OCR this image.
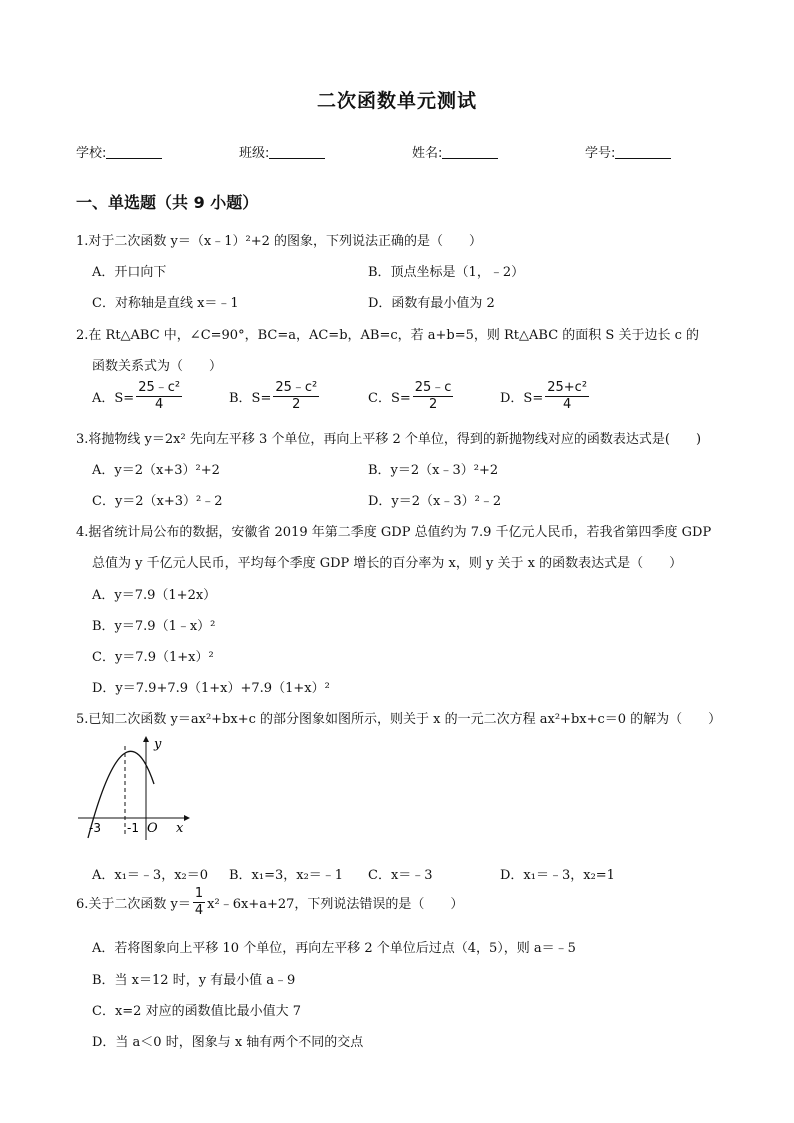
二次函数单元测试
学校:	班级:	姓名:	学号:
一、单选题（共 9 小题）
1.对于二次函数 y＝（x﹣1）²+2 的图象，下列说法正确的是（　　）
A．开口向下	B．顶点坐标是（1，﹣2）
C．对称轴是直线 x＝﹣1	D．函数有最小值为 2
2.在 Rt△ABC 中，∠C=90°，BC=a，AC=b，AB=c，若 a+b=5，则 Rt△ABC 的面积 S 关于边长 c 的
函数关系式为（　　）
A．$S= \frac{\text{25﹣c²}}{4}$	B．$S= \frac{\text{25﹣c²}}{2}$	C．$S= \frac{25﹣c}{2}$	D．$S= \frac{\text{25+c²}}{4}$
3.将抛物线 y＝2x² 先向左平移 3 个单位，再向上平移 2 个单位，得到的新抛物线对应的函数表达式是(　　)
A．y＝2（x+3）²+2	B．y＝2（x﹣3）²+2
C．y＝2（x+3）²﹣2	D．y＝2（x﹣3）²﹣2
4.据省统计局公布的数据，安徽省 2019 年第二季度 GDP 总值约为 7.9 千亿元人民币，若我省第四季度 GDP
总值为 y 千亿元人民币，平均每个季度 GDP 增长的百分率为 x，则 y 关于 x 的函数表达式是（　　）
A．y＝7.9（1+2x）
B．y＝7.9（1﹣x）²
C．y＝7.9（1+x）²
D．y＝7.9+7.9（1+x）+7.9（1+x）²
5.已知二次函数 y＝ax²+bx+c 的部分图象如图所示，则关于 x 的一元二次方程 ax²+bx+c＝0 的解为（　　）
y
x
O
-3 -1
A．x₁＝﹣3，x₂＝0 B．x₁=3，x₂＝﹣1 C．x＝﹣3	D．x₁＝﹣3，x₂=1
6.关于二次函数 $y= \frac{1}{4}$ x²﹣6x+a+27，下列说法错误的是（　　）
A．若将图象向上平移 10 个单位，再向左平移 2 个单位后过点（4，5），则 a＝﹣5
B．当 x＝12 时，y 有最小值 a﹣9
C．x=2 对应的函数值比最小值大 7
D．当 a＜0 时，图象与 x 轴有两个不同的交点
